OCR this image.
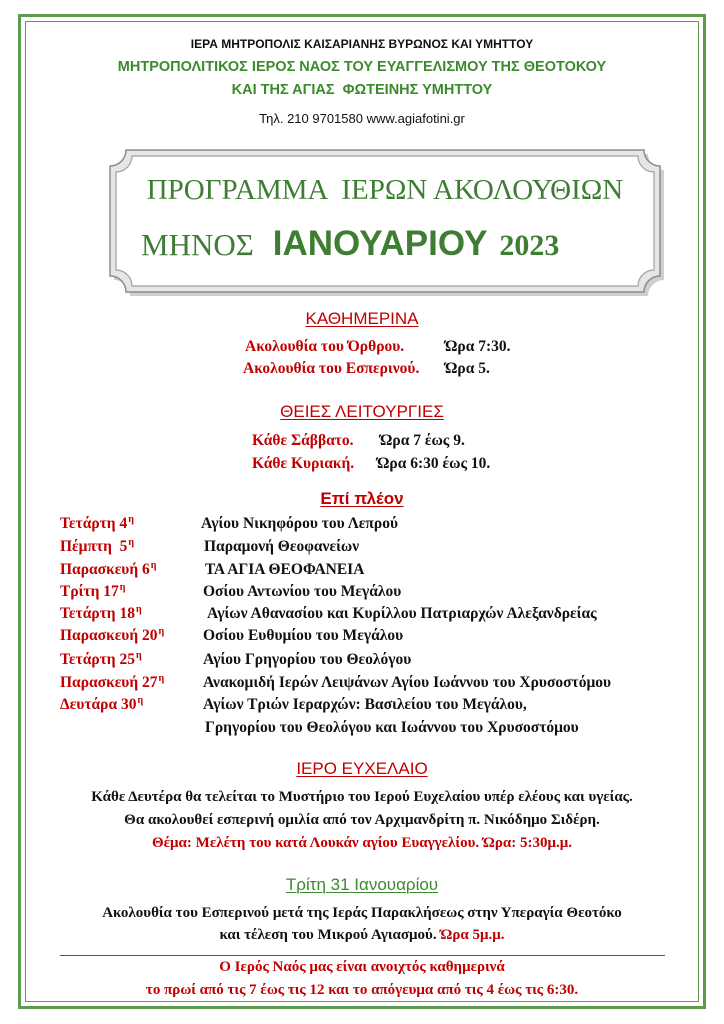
ΙΕΡΑ ΜΗΤΡΟΠΟΛΙΣ ΚΑΙΣΑΡΙΑΝΗΣ ΒΥΡΩΝΟΣ ΚΑΙ ΥΜΗΤΤΟΥ
ΜΗΤΡΟΠΟΛΙΤΙΚΟΣ ΙΕΡΟΣ ΝΑΟΣ ΤΟΥ ΕΥΑΓΓΕΛΙΣΜΟΥ ΤΗΣ ΘΕΟΤΟΚΟΥ
ΚΑΙ ΤΗΣ ΑΓΙΑΣ  ΦΩΤΕΙΝΗΣ ΥΜΗΤΤΟΥ
Τηλ. 210 9701580 www.agiafotini.gr
ΠΡΟΓΡΑΜΜΑ  ΙΕΡΩΝ ΑΚΟΛΟΥΘΙΩΝ
ΜΗΝΟΣ ΙΑΝΟΥΑΡΙΟΥ 2023
ΚΑΘΗΜΕΡΙΝΑ
Ακολουθία του Όρθρου.	Ώρα 7:30.
Ακολουθία του Εσπερινού. Ώρα 5.
ΘΕΙΕΣ ΛΕΙΤΟΥΡΓΙΕΣ
Κάθε Σάββατο. Ώρα 7 έως 9.
Κάθε Κυριακή. Ώρα 6:30 έως 10.
Επί πλέον
Τετάρτη $4^\eta$	Αγίου Νικηφόρου του Λεπρού
Πέμπτη  $5^\eta$	Παραμονή Θεοφανείων
Παρασκευή $6^\eta$	ΤΑ ΑΓΙΑ ΘΕΟΦΑΝΕΙΑ
Τρίτη $17^\eta$	Οσίου Αντωνίου του Μεγάλου
Τετάρτη $18^\eta$	Αγίων Αθανασίου και Κυρίλλου Πατριαρχών Αλεξανδρείας
Παρασκευή $20^\eta$	Οσίου Ευθυμίου του Μεγάλου
Τετάρτη $25^\eta$	Αγίου Γρηγορίου του Θεολόγου
Παρασκευή $27^\eta$	Ανακομιδή Ιερών Λειψάνων Αγίου Ιωάννου του Χρυσοστόμου
Δευτάρα $30^\eta$	Αγίων Τριών Ιεραρχών: Βασιλείου του Μεγάλου,
Γρηγορίου του Θεολόγου και Ιωάννου του Χρυσοστόμου
ΙΕΡΟ ΕΥΧΕΛΑΙΟ
Κάθε Δευτέρα θα τελείται το Μυστήριο του Ιερού Ευχελαίου υπέρ ελέους και υγείας.
Θα ακολουθεί εσπερινή ομιλία από τον Αρχιμανδρίτη π. Νικόδημο Σιδέρη.
Θέμα: Μελέτη του κατά Λουκάν αγίου Ευαγγελίου. Ώρα: 5:30μ.μ.
Τρίτη 31 Ιανουαρίου
Ακολουθία του Εσπερινού μετά της Ιεράς Παρακλήσεως στην Υπεραγία Θεοτόκο
και τέλεση του Μικρού Αγιασμού. Ώρα 5μ.μ.
Ο Ιερός Ναός μας είναι ανοιχτός καθημερινά
το πρωί από τις 7 έως τις 12 και το απόγευμα από τις 4 έως τις 6:30.
